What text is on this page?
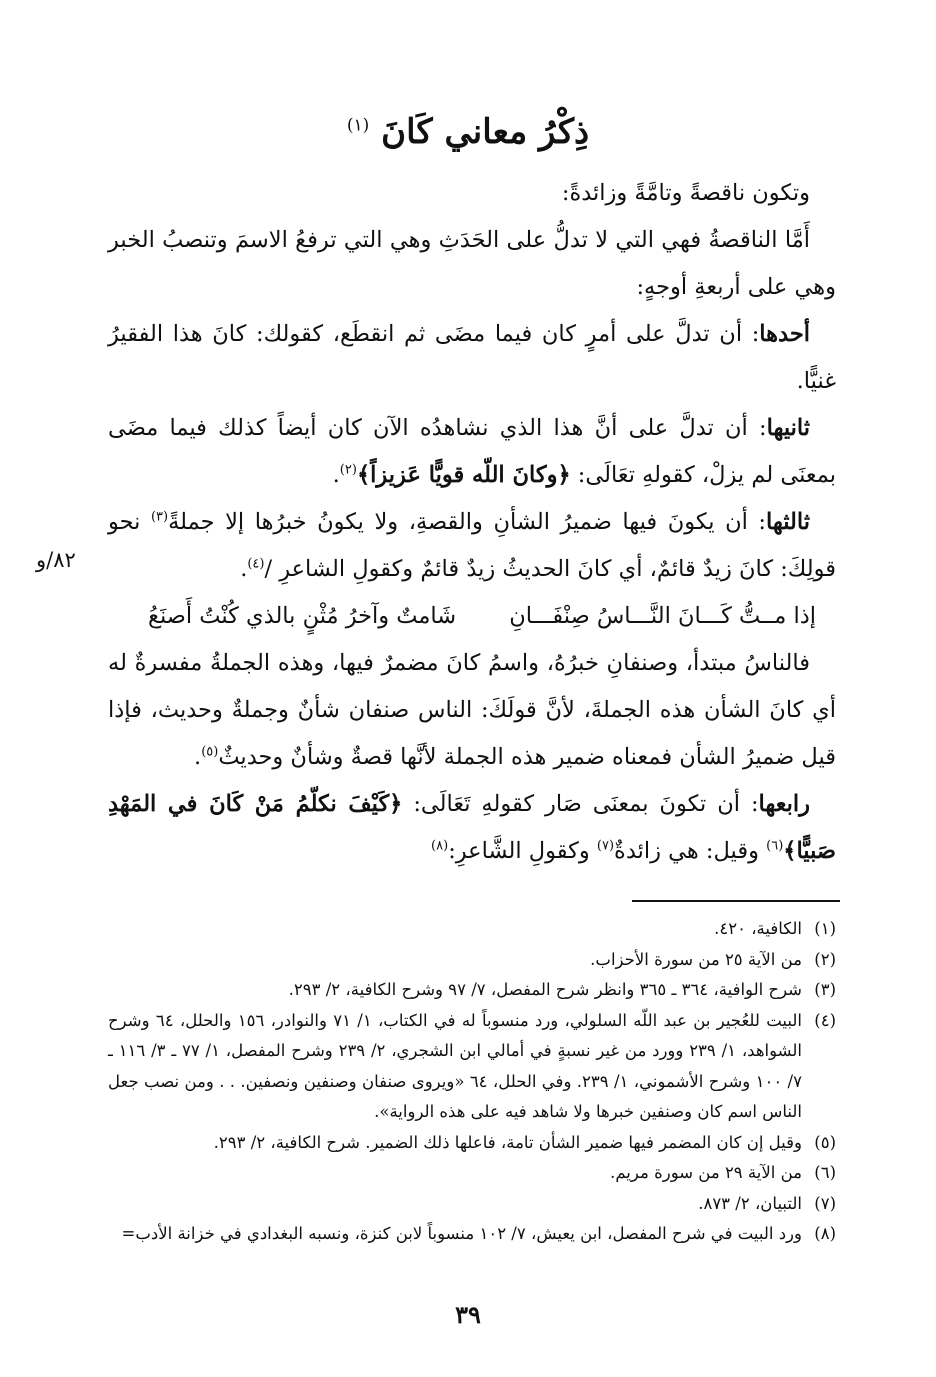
ذِكْرُ معاني كَانَ $^{(١)}$
٨٢/و

وتكون ناقصةً وتامَّةً وزائدةً:

أَمَّا الناقصةُ فهي التي لا تدلُّ على الحَدَثِ وهي التي ترفعُ الاسمَ وتنصبُ الخبر وهي على أربعةِ أوجهٍ:

أحدها: أن تدلَّ على أمرٍ كان فيما مضَى ثم انقطَع، كقولك: كانَ هذا الفقيرُ غنيًّا.

ثانيها: أن تدلَّ على أنَّ هذا الذي نشاهدُه الآن كان أيضاً كذلك فيما مضَى بمعنَى لم يزلْ، كقولهِ تعَالَى: ﴿وكانَ اللّه قويًّا عَزيزاً﴾$^{(٢)}$.

ثالثها: أن يكونَ فيها ضميرُ الشأنِ والقصةِ، ولا يكونُ خبرُها إلا جملةً$^{(٣)}$ نحو قولِكَ: كانَ زيدٌ قائمٌ، أي كانَ الحديثُ زيدٌ قائمٌ وكقولِ الشاعرِ /$^{(٤)}$.

إذا مــتُّ كَـــانَ النَّـــاسُ صِنْفَـــانِ
شَامتٌ وآخرُ مُثْنٍ بالذي كُنْتُ أَصنَعُ

فالناسُ مبتدأ، وصنفانِ خبرُهُ، واسمُ كانَ مضمرٌ فيها، وهذه الجملةُ مفسرةٌ له أي كانَ الشأن هذه الجملةَ، لأنَّ قولَكَ: الناس صنفان شأنٌ وجملةٌ وحديث، فإذا قيل ضميرُ الشأن فمعناه ضمير هذه الجملة لأنَّها قصةٌ وشأنٌ وحديثٌ$^{(٥)}$.

رابعها: أن تكونَ بمعنَى صَار كقولهِ تَعَالَى: ﴿كَيْفَ نكلّمُ مَنْ كَانَ في المَهْدِ صَبيًّا﴾$^{(٦)}$ وقيل: هي زائدةٌ$^{(٧)}$ وكقولِ الشَّاعرِ:$^{(٨)}$

(١)
الكافية، ٤٢٠.
(٢)
من الآية ٢٥ من سورة الأحزاب.
(٣)
شرح الوافية، ٣٦٤ ـ ٣٦٥ وانظر شرح المفصل، ٧/ ٩٧ وشرح الكافية، ٢/ ٢٩٣.
(٤)
البيت للعُجير بن عبد اللّه السلولي، ورد منسوباً له في الكتاب، ١/ ٧١ والنوادر، ١٥٦ والحلل، ٦٤ وشرح الشواهد، ١/ ٢٣٩ وورد من غير نسبةٍ في أمالي ابن الشجري، ٢/ ٢٣٩ وشرح المفصل، ١/ ٧٧ ـ ٣/ ١١٦ ـ ٧/ ١٠٠ وشرح الأشموني، ١/ ٢٣٩. وفي الحلل، ٦٤ «ويروى صنفان وصنفين ونصفين. . . ومن نصب جعل الناس اسم كان وصنفين خبرها ولا شاهد فيه على هذه الرواية».
(٥)
وقيل إن كان المضمر فيها ضمير الشأن تامة، فاعلها ذلك الضمير. شرح الكافية، ٢/ ٢٩٣.
(٦)
من الآية ٢٩ من سورة مريم.
(٧)
التبيان، ٢/ ٨٧٣.
(٨)
ورد البيت في شرح المفصل، ابن يعيش، ٧/ ١٠٢ منسوباً لابن كنزة، ونسبه البغدادي في خزانة الأدب=
٣٩
